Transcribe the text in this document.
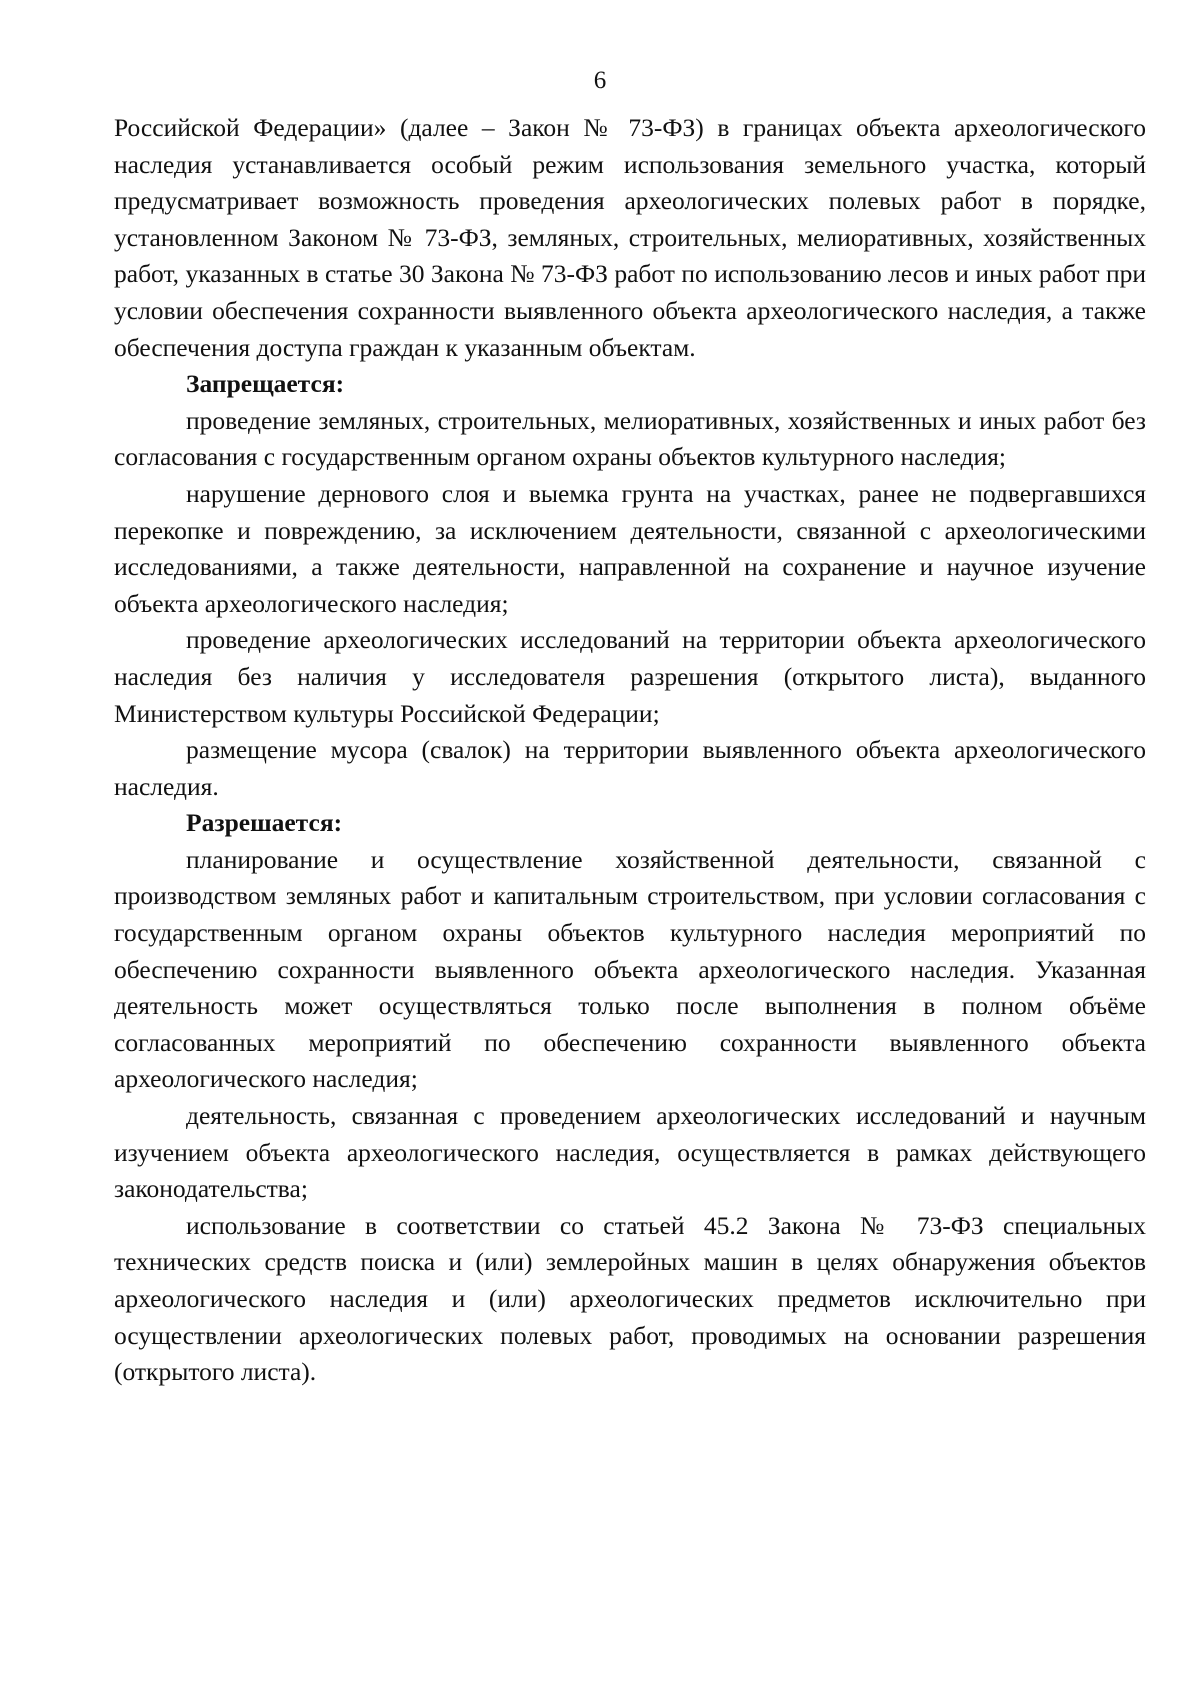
6

Российской Федерации» (далее – Закон № 73-ФЗ) в границах объекта археологического наследия устанавливается особый режим использования земельного участка, который предусматривает возможность проведения археологических полевых работ в порядке, установленном Законом № 73-ФЗ, земляных, строительных, мелиоративных, хозяйственных работ, указанных в статье 30 Закона № 73-ФЗ работ по использованию лесов и иных работ при условии обеспечения сохранности выявленного объекта археологического наследия, а также обеспечения доступа граждан к указанным объектам.

Запрещается:

проведение земляных, строительных, мелиоративных, хозяйственных и иных работ без согласования с государственным органом охраны объектов культурного наследия;

нарушение дернового слоя и выемка грунта на участках, ранее не подвергавшихся перекопке и повреждению, за исключением деятельности, связанной с археологическими исследованиями, а также деятельности, направленной на сохранение и научное изучение объекта археологического наследия;

проведение археологических исследований на территории объекта археологического наследия без наличия у исследователя разрешения (открытого листа), выданного Министерством культуры Российской Федерации;

размещение мусора (свалок) на территории выявленного объекта археологического наследия.

Разрешается:

планирование и осуществление хозяйственной деятельности, связанной с производством земляных работ и капитальным строительством, при условии согласования с государственным органом охраны объектов культурного наследия мероприятий по обеспечению сохранности выявленного объекта археологического наследия. Указанная деятельность может осуществляться только после выполнения в полном объёме согласованных мероприятий по обеспечению сохранности выявленного объекта археологического наследия;

деятельность, связанная с проведением археологических исследований и научным изучением объекта археологического наследия, осуществляется в рамках действующего законодательства;

использование в соответствии со статьей 45.2 Закона № 73-ФЗ специальных технических средств поиска и (или) землеройных машин в целях обнаружения объектов археологического наследия и (или) археологических предметов исключительно при осуществлении археологических полевых работ, проводимых на основании разрешения (открытого листа).
